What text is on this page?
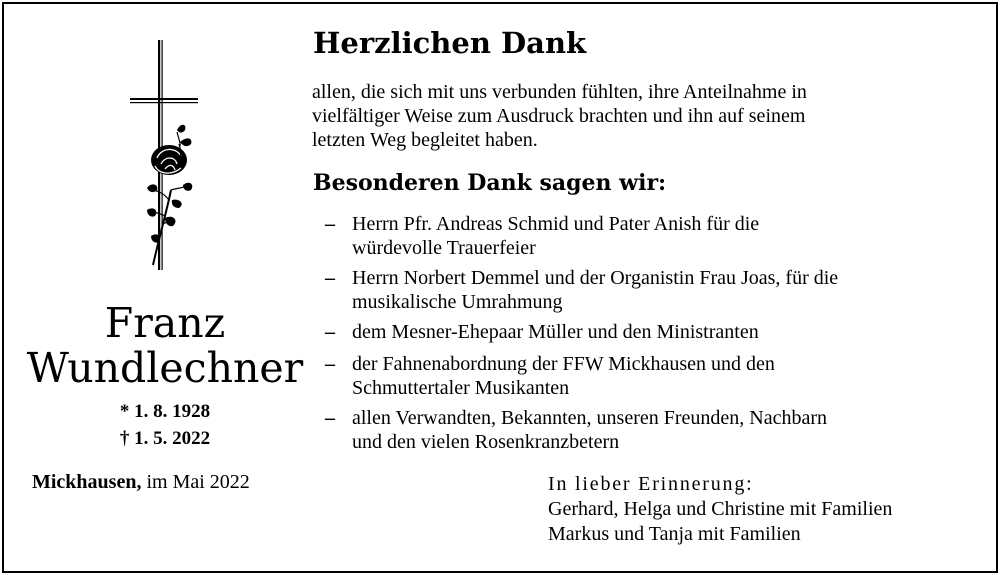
Franz
Wundlechner
* 1. 8. 1928
† 1. 5. 2022
Mickhausen, im Mai 2022
Herzlichen Dank
allen, die sich mit uns verbunden fühlten, ihre Anteilnahme in
vielfältiger Weise zum Ausdruck brachten und ihn auf seinem
letzten Weg begleitet haben.
Besonderen Dank sagen wir:
– Herrn Pfr. Andreas Schmid und Pater Anish für die
würdevolle Trauerfeier
– Herrn Norbert Demmel und der Organistin Frau Joas, für die
musikalische Umrahmung
– dem Mesner-Ehepaar Müller und den Ministranten
– der Fahnenabordnung der FFW Mickhausen und den
Schmuttertaler Musikanten
– allen Verwandten, Bekannten, unseren Freunden, Nachbarn
und den vielen Rosenkranzbetern
In lieber Erinnerung:
Gerhard, Helga und Christine mit Familien
Markus und Tanja mit Familien
